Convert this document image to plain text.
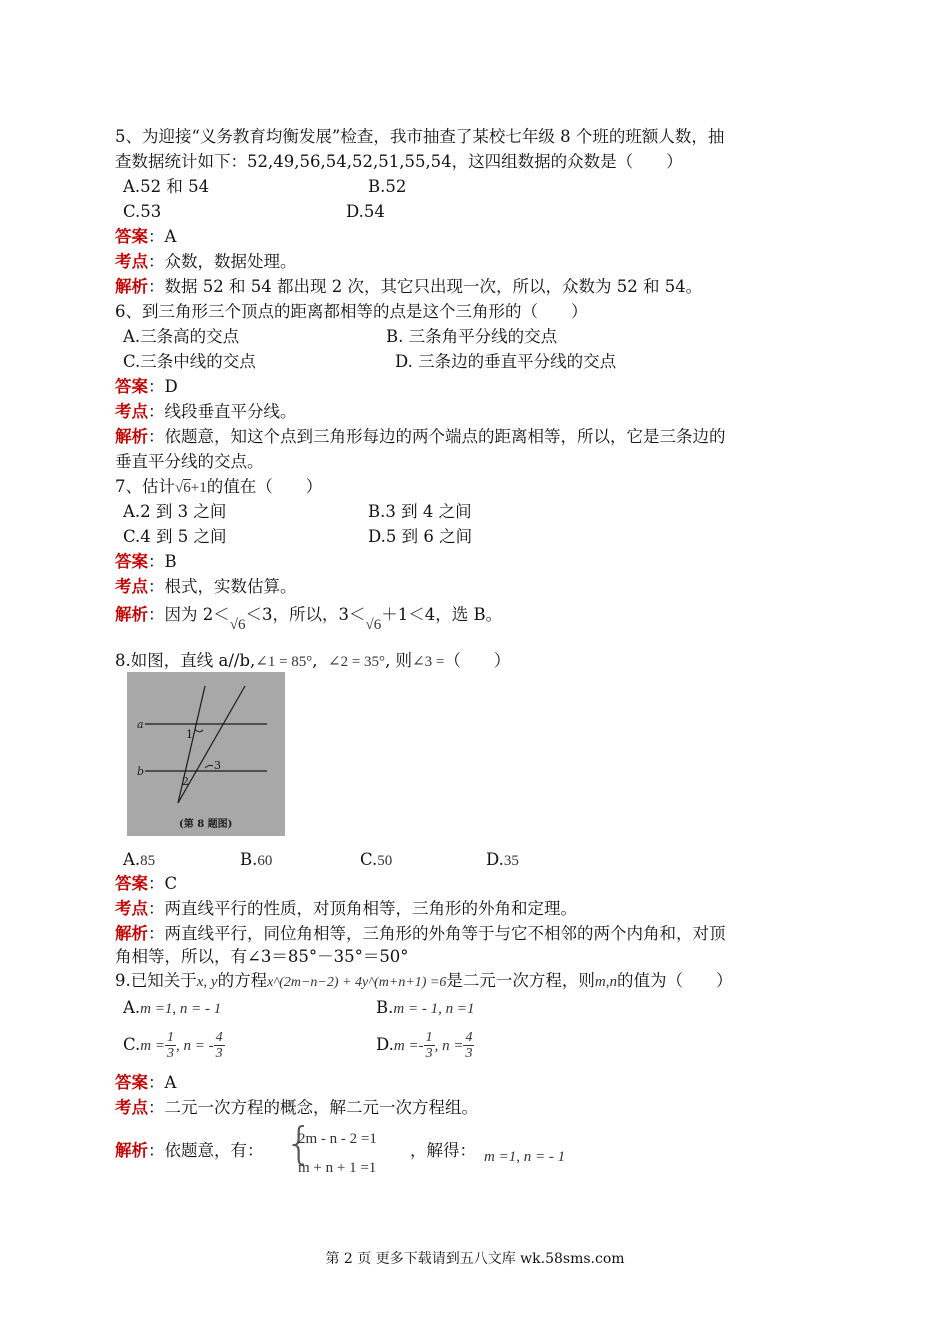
5、为迎接“义务教育均衡发展”检查，我市抽查了某校七年级 8 个班的班额人数，抽
查数据统计如下：52,49,56,54,52,51,55,54，这四组数据的众数是（　　）
A.52 和 54	B.52
C.53	D.54
答案：A
考点：众数，数据处理。
解析：数据 52 和 54 都出现 2 次，其它只出现一次，所以，众数为 52 和 54。
6、到三角形三个顶点的距离都相等的点是这个三角形的（　　）
A.三条高的交点	B. 三条角平分线的交点
C.三条中线的交点	D. 三条边的垂直平分线的交点
答案：D
考点：线段垂直平分线。
解析：依题意，知这个点到三角形每边的两个端点的距离相等，所以，它是三条边的
垂直平分线的交点。
7、估计√6+1的值在（　　）
A.2 到 3 之间	B.3 到 4 之间
C.4 到 5 之间	D.5 到 6 之间
答案：B
考点：根式，实数估算。
解析：因为 2＜√6＜3，所以，3＜√6＋1＜4，选 B。
8.如图，直线 a//b,∠1 = 85°, ∠2 = 35°, 则∠3 =（　　）
a
b
1
2
3
(第 8 题图)
A.85	B.60	C.50	D.35
答案：C
考点：两直线平行的性质，对顶角相等，三角形的外角和定理。
解析：两直线平行，同位角相等，三角形的外角等于与它不相邻的两个内角和，对顶
角相等，所以，有∠3＝85°－35°＝50°
9.已知关于x, y的方程x^(2m−n−2) + 4y^(m+n+1) =6是二元一次方程，则m,n的值为（　　）
A.m =1, n = - 1	B.m = - 1, n =1
$C.m = \frac{1}{3}$ , n = - $\frac{4}{3}$	$D.m =- \frac{1}{3}$ , $n = \frac{4}{3}$
答案：A
考点：二元一次方程的概念，解二元一次方程组。
解析：依题意，有： {
2m - n - 2 =1
m + n + 1 =1
，解得： m =1, n = - 1
第 2 页 更多下载请到五八文库 wk.58sms.com
